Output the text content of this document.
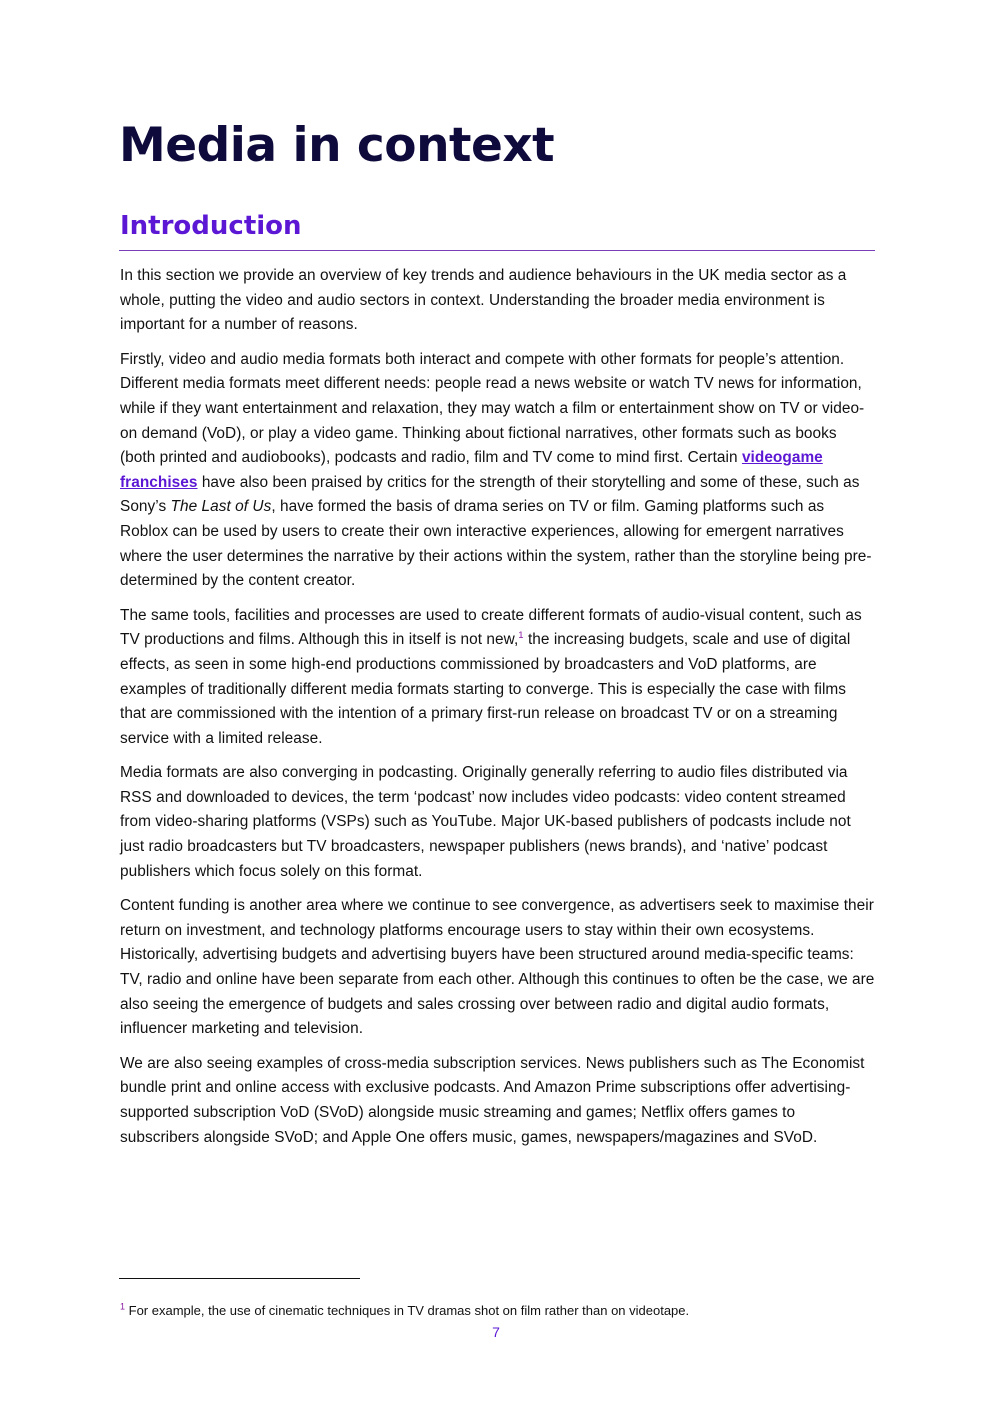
Media in context
Introduction

In this section we provide an overview of key trends and audience behaviours in the UK media sector as a whole, putting the video and audio sectors in context. Understanding the broader media environment is important for a number of reasons.

Firstly, video and audio media formats both interact and compete with other formats for people’s attention. Different media formats meet different needs: people read a news website or watch TV news for information, while if they want entertainment and relaxation, they may watch a film or entertainment show on TV or video-on demand (VoD), or play a video game. Thinking about fictional narratives, other formats such as books (both printed and audiobooks), podcasts and radio, film and TV come to mind first. Certain videogame franchises have also been praised by critics for the strength of their storytelling and some of these, such as Sony’s The Last of Us, have formed the basis of drama series on TV or film. Gaming platforms such as Roblox can be used by users to create their own interactive experiences, allowing for emergent narratives where the user determines the narrative by their actions within the system, rather than the storyline being pre-determined by the content creator.

The same tools, facilities and processes are used to create different formats of audio-visual content, such as TV productions and films. Although this in itself is not new,$^1$ the increasing budgets, scale and use of digital effects, as seen in some high-end productions commissioned by broadcasters and VoD platforms, are examples of traditionally different media formats starting to converge. This is especially the case with films that are commissioned with the intention of a primary first-run release on broadcast TV or on a streaming service with a limited release.

Media formats are also converging in podcasting. Originally generally referring to audio files distributed via RSS and downloaded to devices, the term ‘podcast’ now includes video podcasts: video content streamed from video-sharing platforms (VSPs) such as YouTube. Major UK-based publishers of podcasts include not just radio broadcasters but TV broadcasters, newspaper publishers (news brands), and ‘native’ podcast publishers which focus solely on this format.

Content funding is another area where we continue to see convergence, as advertisers seek to maximise their return on investment, and technology platforms encourage users to stay within their own ecosystems. Historically, advertising budgets and advertising buyers have been structured around media-specific teams: TV, radio and online have been separate from each other. Although this continues to often be the case, we are also seeing the emergence of budgets and sales crossing over between radio and digital audio formats, influencer marketing and television.

We are also seeing examples of cross-media subscription services. News publishers such as The Economist bundle print and online access with exclusive podcasts. And Amazon Prime subscriptions offer advertising-supported subscription VoD (SVoD) alongside music streaming and games; Netflix offers games to subscribers alongside SVoD; and Apple One offers music, games, newspapers/magazines and SVoD.

$^1$ For example, the use of cinematic techniques in TV dramas shot on film rather than on videotape.

7
